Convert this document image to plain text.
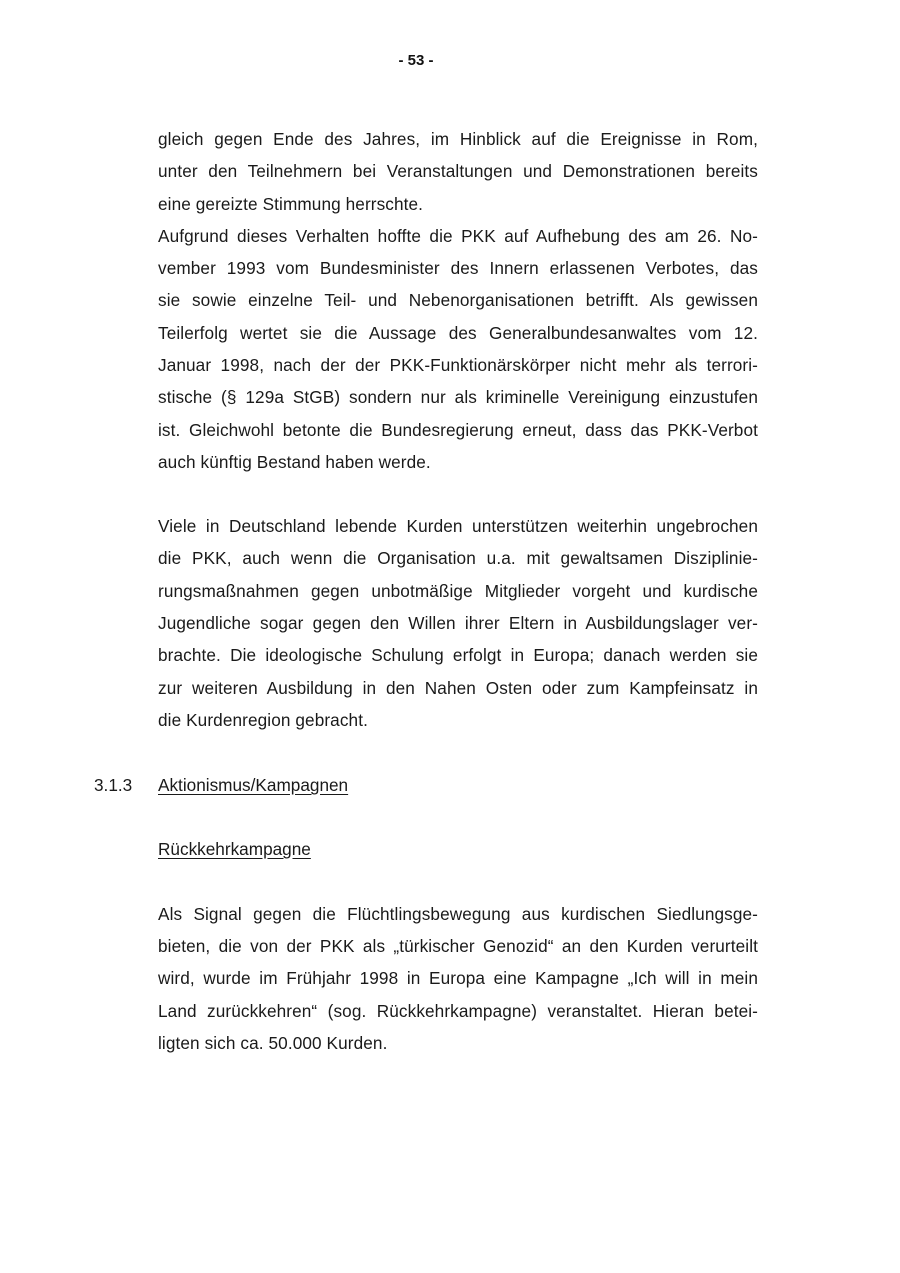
- 53 -
gleich gegen Ende des Jahres, im Hinblick auf die Ereignisse in Rom,
unter den Teilnehmern bei Veranstaltungen und Demonstrationen bereits
eine gereizte Stimmung herrschte.
Aufgrund dieses Verhalten hoffte die PKK auf Aufhebung des am 26. No-
vember 1993 vom Bundesminister des Innern erlassenen Verbotes, das
sie sowie einzelne Teil- und Nebenorganisationen betrifft. Als gewissen
Teilerfolg wertet sie die Aussage des Generalbundesanwaltes vom 12.
Januar 1998, nach der der PKK-Funktionärskörper nicht mehr als terrori-
stische (§ 129a StGB) sondern nur als kriminelle Vereinigung einzustufen
ist. Gleichwohl betonte die Bundesregierung erneut, dass das PKK-Verbot
auch künftig Bestand haben werde.
Viele in Deutschland lebende Kurden unterstützen weiterhin ungebrochen
die PKK, auch wenn die Organisation u.a. mit gewaltsamen Disziplinie-
rungsmaßnahmen gegen unbotmäßige Mitglieder vorgeht und kurdische
Jugendliche sogar gegen den Willen ihrer Eltern in Ausbildungslager ver-
brachte. Die ideologische Schulung erfolgt in Europa; danach werden sie
zur weiteren Ausbildung in den Nahen Osten oder zum Kampfeinsatz in
die Kurdenregion gebracht.
3.1.3 Aktionismus/Kampagnen
Rückkehrkampagne
Als Signal gegen die Flüchtlingsbewegung aus kurdischen Siedlungsge-
bieten, die von der PKK als „türkischer Genozid“ an den Kurden verurteilt
wird, wurde im Frühjahr 1998 in Europa eine Kampagne „Ich will in mein
Land zurückkehren“ (sog. Rückkehrkampagne) veranstaltet. Hieran betei-
ligten sich ca. 50.000 Kurden.
